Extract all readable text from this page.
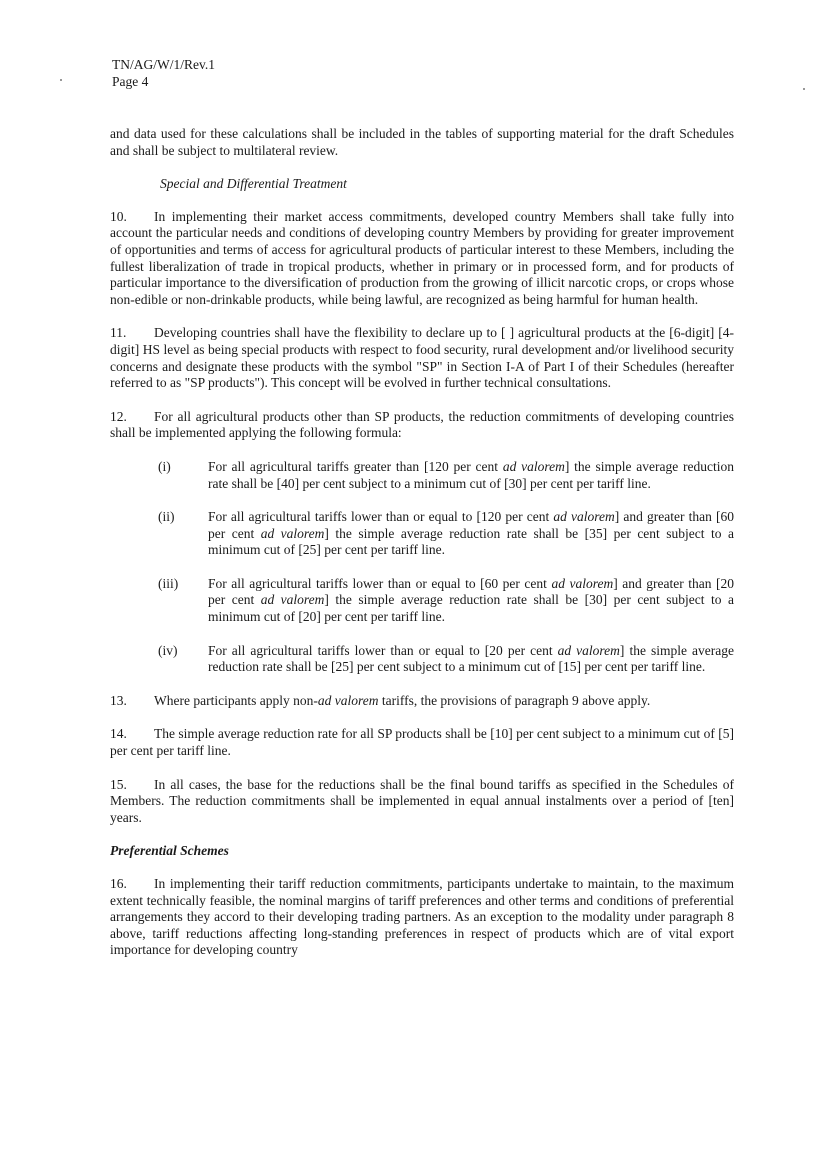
TN/AG/W/1/Rev.1
Page 4

and data used for these calculations shall be included in the tables of supporting material for the draft Schedules and shall be subject to multilateral review.

Special and Differential Treatment

10. In implementing their market access commitments, developed country Members shall take fully into account the particular needs and conditions of developing country Members by providing for greater improvement of opportunities and terms of access for agricultural products of particular interest to these Members, including the fullest liberalization of trade in tropical products, whether in primary or in processed form, and for products of particular importance to the diversification of production from the growing of illicit narcotic crops, or crops whose non-edible or non-drinkable products, while being lawful, are recognized as being harmful for human health.

11. Developing countries shall have the flexibility to declare up to [ ] agricultural products at the [6-digit] [4-digit] HS level as being special products with respect to food security, rural development and/or livelihood security concerns and designate these products with the symbol "SP" in Section I-A of Part I of their Schedules (hereafter referred to as "SP products"). This concept will be evolved in further technical consultations.

12. For all agricultural products other than SP products, the reduction commitments of developing countries shall be implemented applying the following formula:

(i)	For all agricultural tariffs greater than [120 per cent ad valorem] the simple average reduction rate shall be [40] per cent subject to a minimum cut of [30] per cent per tariff line.
(ii) For all agricultural tariffs lower than or equal to [120 per cent ad valorem] and greater than [60 per cent ad valorem] the simple average reduction rate shall be [35] per cent subject to a minimum cut of [25] per cent per tariff line.
(iii) For all agricultural tariffs lower than or equal to [60 per cent ad valorem] and greater than [20 per cent ad valorem] the simple average reduction rate shall be [30] per cent subject to a minimum cut of [20] per cent per tariff line.
(iv) For all agricultural tariffs lower than or equal to [20 per cent ad valorem] the simple average reduction rate shall be [25] per cent subject to a minimum cut of [15] per cent per tariff line.

13. Where participants apply non-ad valorem tariffs, the provisions of paragraph 9 above apply.

14. The simple average reduction rate for all SP products shall be [10] per cent subject to a minimum cut of [5] per cent per tariff line.

15. In all cases, the base for the reductions shall be the final bound tariffs as specified in the Schedules of Members. The reduction commitments shall be implemented in equal annual instalments over a period of [ten] years.

Preferential Schemes

16. In implementing their tariff reduction commitments, participants undertake to maintain, to the maximum extent technically feasible, the nominal margins of tariff preferences and other terms and conditions of preferential arrangements they accord to their developing trading partners. As an exception to the modality under paragraph 8 above, tariff reductions affecting long-standing preferences in respect of products which are of vital export importance for developing country
